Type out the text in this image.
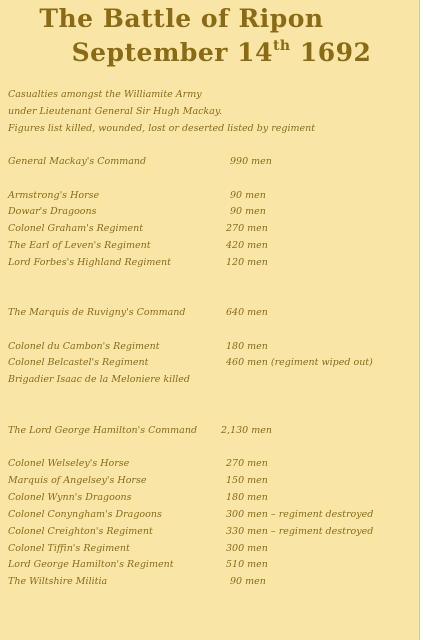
The Battle of Ripon
September 14th 1692
Casualties amongst the Williamite Army
under Lieutenant General Sir Hugh Mackay.
Figures list killed, wounded, lost or deserted listed by regiment
General Mackay's Command	990 men
Armstrong's Horse	90 men
Dowar's Dragoons	90 men
Colonel Graham's Regiment	270 men
The Earl of Leven's Regiment	420 men
Lord Forbes's Highland Regiment	120 men
The Marquis de Ruvigny's Command	640 men
Colonel du Cambon's Regiment	180 men
Colonel Belcastel's Regiment	460 men (regiment wiped out)
Brigadier Isaac de la Meloniere killed
The Lord George Hamilton's Command	2,130 men
Colonel Welseley's Horse	270 men
Marquis of Angelsey's Horse	150 men
Colonel Wynn's Dragoons	180 men
Colonel Conyngham's Dragoons	300 men – regiment destroyed
Colonel Creighton's Regiment	330 men – regiment destroyed
Colonel Tiffin's Regiment	300 men
Lord George Hamilton's Regiment	510 men
The Wiltshire Militia	90 men
